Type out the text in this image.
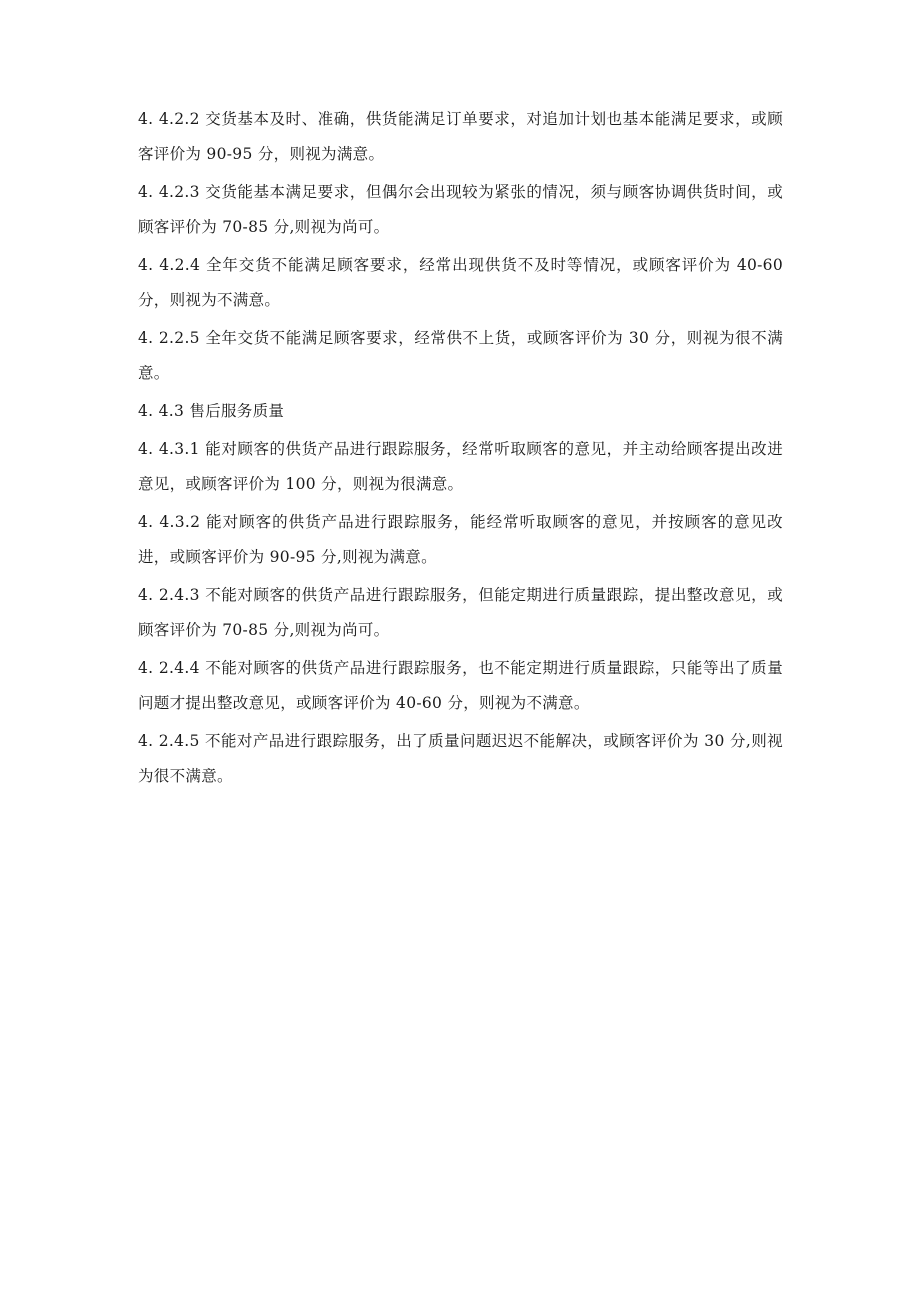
4. 4.2.2 交货基本及时、准确，供货能满足订单要求，对追加计划也基本能满足要求，或顾客评价为 90-95 分，则视为满意。

4. 4.2.3 交货能基本满足要求，但偶尔会出现较为紧张的情况，须与顾客协调供货时间，或顾客评价为 70-85 分,则视为尚可。

4. 4.2.4 全年交货不能满足顾客要求，经常出现供货不及时等情况，或顾客评价为 40-60 分，则视为不满意。

4. 2.2.5 全年交货不能满足顾客要求，经常供不上货，或顾客评价为 30 分，则视为很不满意。

4. 4.3 售后服务质量

4. 4.3.1 能对顾客的供货产品进行跟踪服务，经常听取顾客的意见，并主动给顾客提出改进意见，或顾客评价为 100 分，则视为很满意。

4. 4.3.2 能对顾客的供货产品进行跟踪服务，能经常听取顾客的意见，并按顾客的意见改进，或顾客评价为 90-95 分,则视为满意。

4. 2.4.3 不能对顾客的供货产品进行跟踪服务，但能定期进行质量跟踪，提出整改意见，或顾客评价为 70-85 分,则视为尚可。

4. 2.4.4 不能对顾客的供货产品进行跟踪服务，也不能定期进行质量跟踪，只能等出了质量问题才提出整改意见，或顾客评价为 40-60 分，则视为不满意。

4. 2.4.5 不能对产品进行跟踪服务，出了质量问题迟迟不能解决，或顾客评价为 30 分,则视为很不满意。
